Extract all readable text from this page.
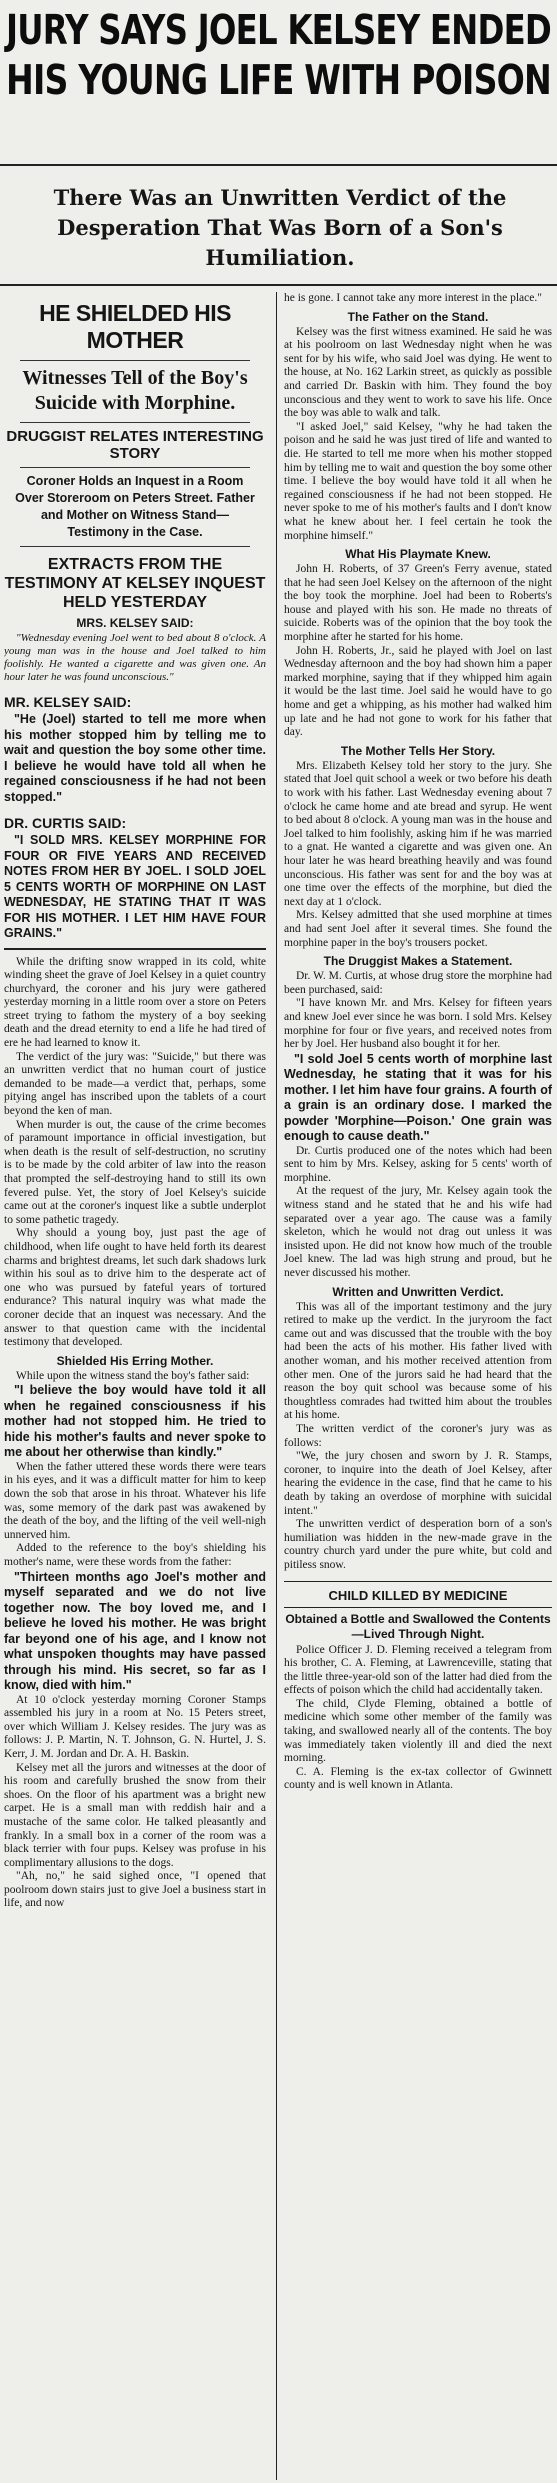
JURY SAYS JOEL KELSEY ENDED
HIS YOUNG LIFE WITH POISON
There Was an Unwritten Verdict of the Desperation That Was Born of a Son's Humiliation.
HE SHIELDED HIS MOTHER
Witnesses Tell of the Boy's Suicide with Morphine.
DRUGGIST RELATES INTERESTING STORY
Coroner Holds an Inquest in a Room Over Storeroom on Peters Street. Father and Mother on Witness Stand—Testimony in the Case.
EXTRACTS FROM THE TESTIMONY AT KELSEY INQUEST HELD YESTERDAY
MRS. KELSEY SAID:

"Wednesday evening Joel went to bed about 8 o'clock. A young man was in the house and Joel talked to him foolishly. He wanted a cigarette and was given one. An hour later he was found unconscious."

MR. KELSEY SAID:

"He (Joel) started to tell me more when his mother stopped him by telling me to wait and question the boy some other time. I believe he would have told all when he regained consciousness if he had not been stopped."

DR. CURTIS SAID:

"I SOLD MRS. KELSEY MORPHINE FOR FOUR OR FIVE YEARS AND RECEIVED NOTES FROM HER BY JOEL. I SOLD JOEL 5 CENTS WORTH OF MORPHINE ON LAST WEDNESDAY, HE STATING THAT IT WAS FOR HIS MOTHER. I LET HIM HAVE FOUR GRAINS."

While the drifting snow wrapped in its cold, white winding sheet the grave of Joel Kelsey in a quiet country churchyard, the coroner and his jury were gathered yesterday morning in a little room over a store on Peters street trying to fathom the mystery of a boy seeking death and the dread eternity to end a life he had tired of ere he had learned to know it.

The verdict of the jury was: "Suicide," but there was an unwritten verdict that no human court of justice demanded to be made—a verdict that, perhaps, some pitying angel has inscribed upon the tablets of a court beyond the ken of man.

When murder is out, the cause of the crime becomes of paramount importance in official investigation, but when death is the result of self-destruction, no scrutiny is to be made by the cold arbiter of law into the reason that prompted the self-destroying hand to still its own fevered pulse. Yet, the story of Joel Kelsey's suicide came out at the coroner's inquest like a subtle underplot to some pathetic tragedy.

Why should a young boy, just past the age of childhood, when life ought to have held forth its dearest charms and brightest dreams, let such dark shadows lurk within his soul as to drive him to the desperate act of one who was pursued by fateful years of tortured endurance? This natural inquiry was what made the coroner decide that an inquest was necessary. And the answer to that question came with the incidental testimony that developed.

Shielded His Erring Mother.

While upon the witness stand the boy's father said:

"I believe the boy would have told it all when he regained consciousness if his mother had not stopped him. He tried to hide his mother's faults and never spoke to me about her otherwise than kindly."

When the father uttered these words there were tears in his eyes, and it was a difficult matter for him to keep down the sob that arose in his throat. Whatever his life was, some memory of the dark past was awakened by the death of the boy, and the lifting of the veil well-nigh unnerved him.

Added to the reference to the boy's shielding his mother's name, were these words from the father:

"Thirteen months ago Joel's mother and myself separated and we do not live together now. The boy loved me, and I believe he loved his mother. He was bright far beyond one of his age, and I know not what unspoken thoughts may have passed through his mind. His secret, so far as I know, died with him."

At 10 o'clock yesterday morning Coroner Stamps assembled his jury in a room at No. 15 Peters street, over which William J. Kelsey resides. The jury was as follows: J. P. Martin, N. T. Johnson, G. N. Hurtel, J. S. Kerr, J. M. Jordan and Dr. A. H. Baskin.

Kelsey met all the jurors and witnesses at the door of his room and carefully brushed the snow from their shoes. On the floor of his apartment was a bright new carpet. He is a small man with reddish hair and a mustache of the same color. He talked pleasantly and frankly. In a small box in a corner of the room was a black terrier with four pups. Kelsey was profuse in his complimentary allusions to the dogs.

"Ah, no," he said sighed once, "I opened that poolroom down stairs just to give Joel a business start in life, and now

he is gone. I cannot take any more interest in the place."

The Father on the Stand.

Kelsey was the first witness examined. He said he was at his poolroom on last Wednesday night when he was sent for by his wife, who said Joel was dying. He went to the house, at No. 162 Larkin street, as quickly as possible and carried Dr. Baskin with him. They found the boy unconscious and they went to work to save his life. Once the boy was able to walk and talk.

"I asked Joel," said Kelsey, "why he had taken the poison and he said he was just tired of life and wanted to die. He started to tell me more when his mother stopped him by telling me to wait and question the boy some other time. I believe the boy would have told it all when he regained consciousness if he had not been stopped. He never spoke to me of his mother's faults and I don't know what he knew about her. I feel certain he took the morphine himself."

What His Playmate Knew.

John H. Roberts, of 37 Green's Ferry avenue, stated that he had seen Joel Kelsey on the afternoon of the night the boy took the morphine. Joel had been to Roberts's house and played with his son. He made no threats of suicide. Roberts was of the opinion that the boy took the morphine after he started for his home.

John H. Roberts, Jr., said he played with Joel on last Wednesday afternoon and the boy had shown him a paper marked morphine, saying that if they whipped him again it would be the last time. Joel said he would have to go home and get a whipping, as his mother had walked him up late and he had not gone to work for his father that day.

The Mother Tells Her Story.

Mrs. Elizabeth Kelsey told her story to the jury. She stated that Joel quit school a week or two before his death to work with his father. Last Wednesday evening about 7 o'clock he came home and ate bread and syrup. He went to bed about 8 o'clock. A young man was in the house and Joel talked to him foolishly, asking him if he was married to a gnat. He wanted a cigarette and was given one. An hour later he was heard breathing heavily and was found unconscious. His father was sent for and the boy was at one time over the effects of the morphine, but died the next day at 1 o'clock.

Mrs. Kelsey admitted that she used morphine at times and had sent Joel after it several times. She found the morphine paper in the boy's trousers pocket.

The Druggist Makes a Statement.

Dr. W. M. Curtis, at whose drug store the morphine had been purchased, said:

"I have known Mr. and Mrs. Kelsey for fifteen years and knew Joel ever since he was born. I sold Mrs. Kelsey morphine for four or five years, and received notes from her by Joel. Her husband also bought it for her.

"I sold Joel 5 cents worth of morphine last Wednesday, he stating that it was for his mother. I let him have four grains. A fourth of a grain is an ordinary dose. I marked the powder 'Morphine—Poison.' One grain was enough to cause death."

Dr. Curtis produced one of the notes which had been sent to him by Mrs. Kelsey, asking for 5 cents' worth of morphine.

At the request of the jury, Mr. Kelsey again took the witness stand and he stated that he and his wife had separated over a year ago. The cause was a family skeleton, which he would not drag out unless it was insisted upon. He did not know how much of the trouble Joel knew. The lad was high strung and proud, but he never discussed his mother.

Written and Unwritten Verdict.

This was all of the important testimony and the jury retired to make up the verdict. In the juryroom the fact came out and was discussed that the trouble with the boy had been the acts of his mother. His father lived with another woman, and his mother received attention from other men. One of the jurors said he had heard that the reason the boy quit school was because some of his thoughtless comrades had twitted him about the troubles at his home.

The written verdict of the coroner's jury was as follows:

"We, the jury chosen and sworn by J. R. Stamps, coroner, to inquire into the death of Joel Kelsey, after hearing the evidence in the case, find that he came to his death by taking an overdose of morphine with suicidal intent."

The unwritten verdict of desperation born of a son's humiliation was hidden in the new-made grave in the country church yard under the pure white, but cold and pitiless snow.

CHILD KILLED BY MEDICINE
Obtained a Bottle and Swallowed the Contents—Lived Through Night.

Police Officer J. D. Fleming received a telegram from his brother, C. A. Fleming, at Lawrenceville, stating that the little three-year-old son of the latter had died from the effects of poison which the child had accidentally taken.

The child, Clyde Fleming, obtained a bottle of medicine which some other member of the family was taking, and swallowed nearly all of the contents. The boy was immediately taken violently ill and died the next morning.

C. A. Fleming is the ex-tax collector of Gwinnett county and is well known in Atlanta.
